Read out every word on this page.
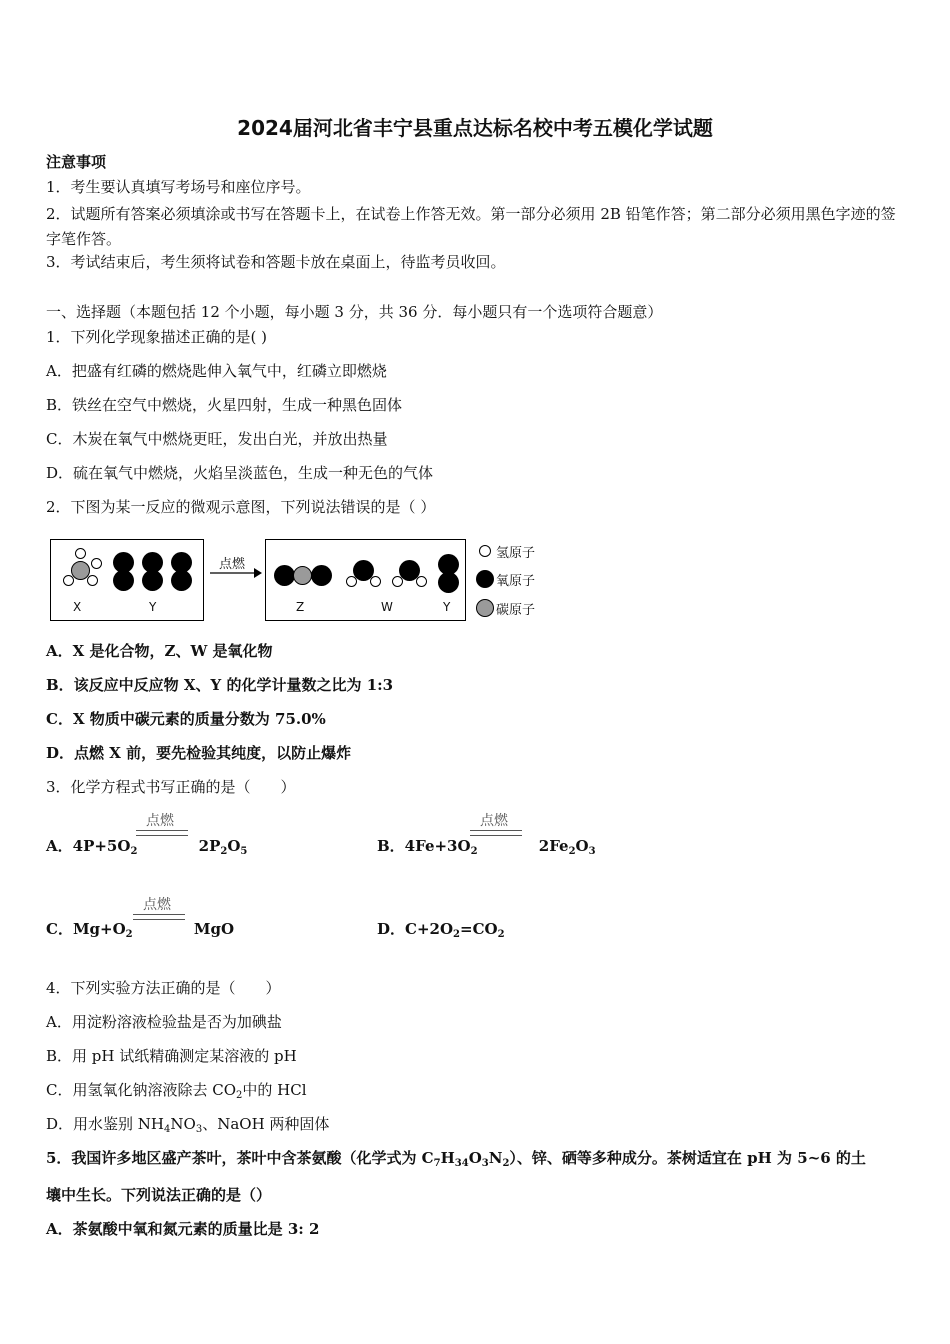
2024届河北省丰宁县重点达标名校中考五模化学试题
注意事项
1．考生要认真填写考场号和座位序号。
2．试题所有答案必须填涂或书写在答题卡上，在试卷上作答无效。第一部分必须用 2B 铅笔作答；第二部分必须用黑色字迹的签字笔作答。
3．考试结束后，考生须将试卷和答题卡放在桌面上，待监考员收回。
一、选择题（本题包括 12 个小题，每小题 3 分，共 36 分．每小题只有一个选项符合题意）
1．下列化学现象描述正确的是( )
A．把盛有红磷的燃烧匙伸入氧气中，红磷立即燃烧
B．铁丝在空气中燃烧，火星四射，生成一种黑色固体
C．木炭在氧气中燃烧更旺，发出白光，并放出热量
D．硫在氧气中燃烧，火焰呈淡蓝色，生成一种无色的气体
2．下图为某一反应的微观示意图，下列说法错误的是（ ）
X	Y
点燃
Z	W	Y
氢原子
氧原子
碳原子
A．X 是化合物，Z、W 是氧化物
B．该反应中反应物 X、Y 的化学计量数之比为 1:3
C．X 物质中碳元素的质量分数为 75.0%
D．点燃 X 前，要先检验其纯度，以防止爆炸
3．化学方程式书写正确的是（　　）
点燃
A．$4P+5O_2$	$2P_2O_5$
点燃
B．$4Fe+3O_2$	$2Fe_2O_3$
点燃
C．$Mg+O_2$	MgO	D．$C+2O_2=CO_2$
4．下列实验方法正确的是（　　）
A．用淀粉溶液检验盐是否为加碘盐
B．用 pH 试纸精确测定某溶液的 pH
C．用氢氧化钠溶液除去 $CO_2$中的 HCl
D．用水鉴别 $NH_4NO_3$、NaOH 两种固体
5．我国许多地区盛产茶叶，茶叶中含茶氨酸（化学式为 $C_7H_{34}O_3N_2$）、锌、硒等多种成分。茶树适宜在 pH 为 5~6 的土
壤中生长。下列说法正确的是（）
A．茶氨酸中氧和氮元素的质量比是 3: 2
